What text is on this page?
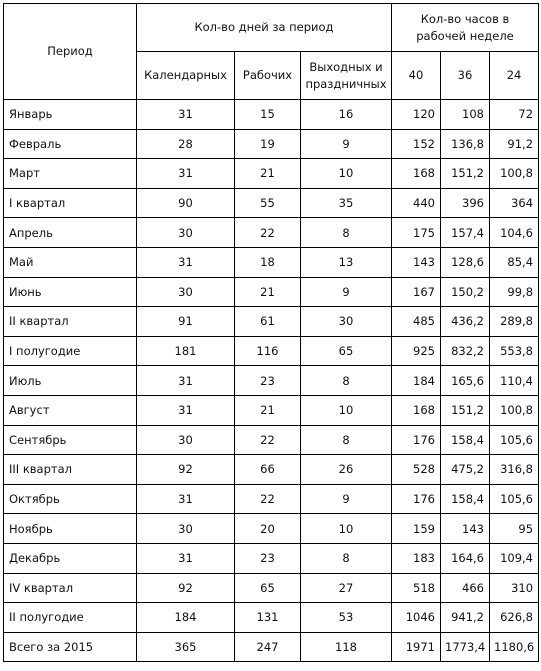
Период	Кол-во дней за период			Кол-во часов в рабочей неделе		
	Календарных	Рабочих	Выходных и праздничных	40	36	24
Январь	31	15	16	120	108	72
Февраль	28	19	9	152	136,8	91,2
Март	31	21	10	168	151,2	100,8
I квартал	90	55	35	440	396	364
Апрель	30	22	8	175	157,4	104,6
Май	31	18	13	143	128,6	85,4
Июнь	30	21	9	167	150,2	99,8
II квартал	91	61	30	485	436,2	289,8
I полугодие	181	116	65	925	832,2	553,8
Июль	31	23	8	184	165,6	110,4
Август	31	21	10	168	151,2	100,8
Сентябрь	30	22	8	176	158,4	105,6
III квартал	92	66	26	528	475,2	316,8
Октябрь	31	22	9	176	158,4	105,6
Ноябрь	30	20	10	159	143	95
Декабрь	31	23	8	183	164,6	109,4
IV квартал	92	65	27	518	466	310
II полугодие	184	131	53	1046	941,2	626,8
Всего за 2015	365	247	118	1971	1773,4	1180,6
